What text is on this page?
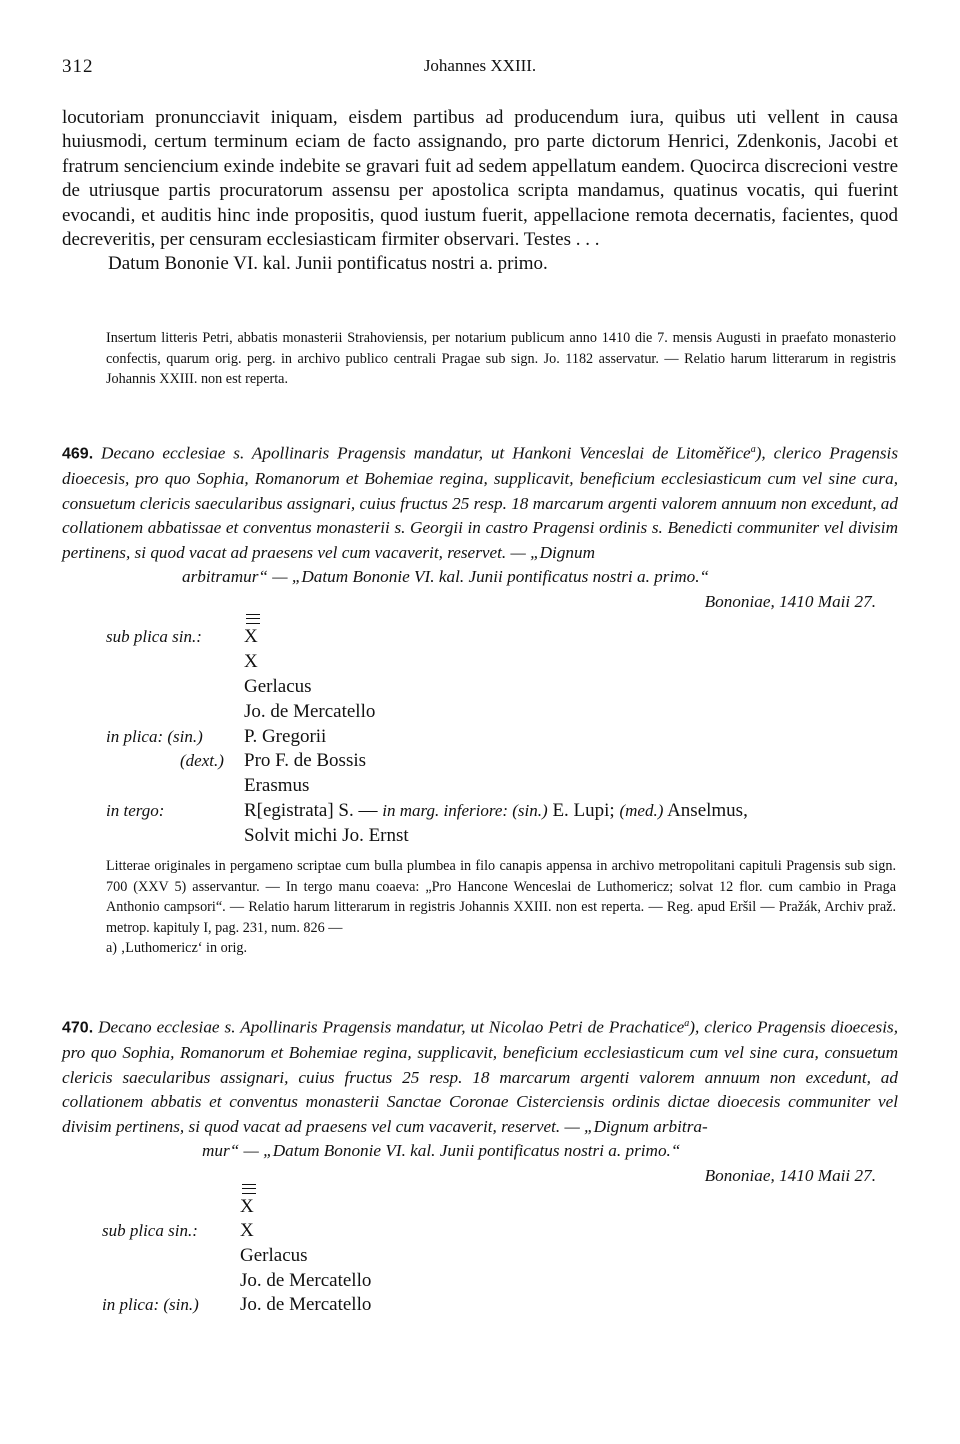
312	Johannes XXIII.

locutoriam pronuncciavit iniquam, eisdem partibus ad producendum iura, quibus uti vellent in causa huiusmodi, certum terminum eciam de facto assignando, pro parte dictorum Henrici, Zdenkonis, Jacobi et fratrum senciencium exinde indebite se gravari fuit ad sedem appellatum eandem. Quocirca discrecioni vestre de utriusque partis procuratorum assensu per apostolica scripta mandamus, quatinus vocatis, qui fuerint evocandi, et auditis hinc inde propositis, quod iustum fuerit, appellacione remota decernatis, facientes, quod decreveritis, per censuram ecclesiasticam firmiter observari. Testes . . .

Datum Bononie VI. kal. Junii pontificatus nostri a. primo.

Insertum litteris Petri, abbatis monasterii Strahoviensis, per notarium publicum anno 1410 die 7. mensis Augusti in praefato monasterio confectis, quarum orig. perg. in archivo publico centrali Pragae sub sign. Jo. 1182 asservatur. — Relatio harum litterarum in registris Johannis XXIII. non est reperta.

469. Decano ecclesiae s. Apollinaris Pragensis mandatur, ut Hankoni Venceslai de Litoměřice$^a$), clerico Pragensis dioecesis, pro quo Sophia, Romanorum et Bohemiae regina, supplicavit, beneficium ecclesiasticum cum vel sine cura, consuetum clericis saecularibus assignari, cuius fructus 25 resp. 18 marcarum argenti valorem annuum non excedunt, ad collationem abbatissae et conventus monasterii s. Georgii in castro Pragensi ordinis s. Benedicti communiter vel divisim pertinens, si quod vacat ad praesens vel cum vacaverit, reservet. — „Dignum

arbitramur“ — „Datum Bononie VI. kal. Junii pontificatus nostri a. primo.“

Bononiae, 1410 Maii 27.

sub plica sin.: X
X
Gerlacus
Jo. de Mercatello
in plica: (sin.) P. Gregorii
(dext.) Pro F. de Bossis
Erasmus
in tergo:	R[egistrata] S. — in marg. inferiore: (sin.) E. Lupi; (med.) Anselmus,
Solvit michi Jo. Ernst

Litterae originales in pergameno scriptae cum bulla plumbea in filo canapis appensa in archivo metropolitani capituli Pragensis sub sign. 700 (XXV 5) asservantur. — In tergo manu coaeva: „Pro Hancone Wenceslai de Luthomericz; solvat 12 flor. cum cambio in Praga Anthonio campsori“. — Relatio harum litterarum in registris Johannis XXIII. non est reperta. — Reg. apud Eršil — Pražák, Archiv praž. metrop. kapituly I, pag. 231, num. 826 —

a) ‚Luthomericz‘ in orig.

470. Decano ecclesiae s. Apollinaris Pragensis mandatur, ut Nicolao Petri de Prachatice$^a$), clerico Pragensis dioecesis, pro quo Sophia, Romanorum et Bohemiae regina, supplicavit, beneficium ecclesiasticum cum vel sine cura, consuetum clericis saecularibus assignari, cuius fructus 25 resp. 18 marcarum argenti valorem annuum non excedunt, ad collationem abbatis et conventus monasterii Sanctae Coronae Cisterciensis ordinis dictae dioecesis communiter vel divisim pertinens, si quod vacat ad praesens vel cum vacaverit, reservet. — „Dignum arbitra-

mur“ — „Datum Bononie VI. kal. Junii pontificatus nostri a. primo.“

Bononiae, 1410 Maii 27.

X
sub plica sin.: X
Gerlacus
Jo. de Mercatello
in plica: (sin.) Jo. de Mercatello
